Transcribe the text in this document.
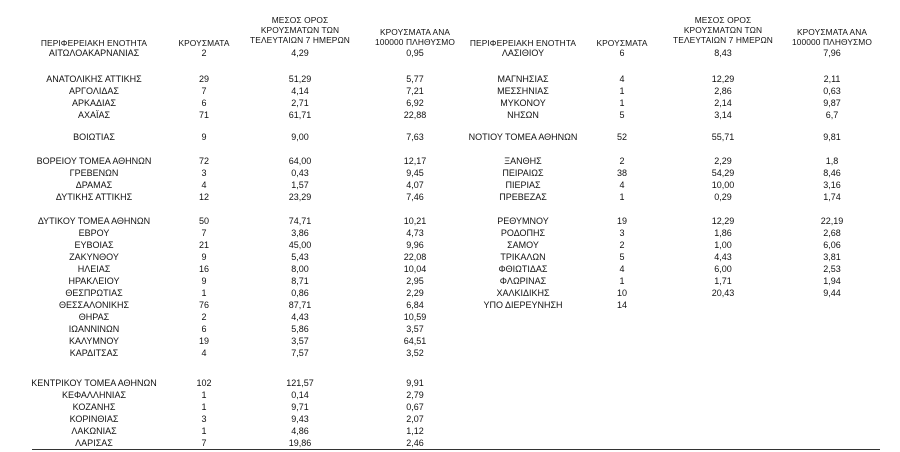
ΠΕΡΙΦΕΡΕΙΑΚΗ ΕΝΟΤΗΤΑ	ΚΡΟΥΣΜΑΤΑ
ΜΕΣΟΣ ΟΡΟΣ
ΚΡΟΥΣΜΑΤΩΝ ΤΩΝ
ΤΕΛΕΥΤΑΙΩΝ 7 ΗΜΕΡΩΝ
ΚΡΟΥΣΜΑΤΑ ΑΝΑ
100000 ΠΛΗΘΥΣΜΟ	ΠΕΡΙΦΕΡΕΙΑΚΗ ΕΝΟΤΗΤΑ	ΚΡΟΥΣΜΑΤΑ
ΜΕΣΟΣ ΟΡΟΣ
ΚΡΟΥΣΜΑΤΩΝ ΤΩΝ
ΤΕΛΕΥΤΑΙΩΝ 7 ΗΜΕΡΩΝ
ΚΡΟΥΣΜΑΤΑ ΑΝΑ
100000 ΠΛΗΘΥΣΜΟ
ΑΙΤΩΛΟΑΚΑΡΝΑΝΙΑΣ	2	4,29	0,95
ΑΝΑΤΟΛΙΚΗΣ ΑΤΤΙΚΗΣ	29	51,29	5,77
ΑΡΓΟΛΙΔΑΣ	7	4,14	7,21
ΑΡΚΑΔΙΑΣ	6	2,71	6,92
ΑΧΑΪΑΣ	71	61,71	22,88
ΒΟΙΩΤΙΑΣ	9	9,00	7,63
ΒΟΡΕΙΟΥ ΤΟΜΕΑ ΑΘΗΝΩΝ	72	64,00	12,17
ΓΡΕΒΕΝΩΝ	3	0,43	9,45
ΔΡΑΜΑΣ	4	1,57	4,07
ΔΥΤΙΚΗΣ ΑΤΤΙΚΗΣ	12	23,29	7,46
ΔΥΤΙΚΟΥ ΤΟΜΕΑ ΑΘΗΝΩΝ	50	74,71	10,21
ΕΒΡΟΥ	7	3,86	4,73
ΕΥΒΟΙΑΣ	21	45,00	9,96
ΖΑΚΥΝΘΟΥ	9	5,43	22,08
ΗΛΕΙΑΣ	16	8,00	10,04
ΗΡΑΚΛΕΙΟΥ	9	8,71	2,95
ΘΕΣΠΡΩΤΙΑΣ	1	0,86	2,29
ΘΕΣΣΑΛΟΝΙΚΗΣ	76	87,71	6,84
ΘΗΡΑΣ	2	4,43	10,59
ΙΩΑΝΝΙΝΩΝ	6	5,86	3,57
ΚΑΛΥΜΝΟΥ	19	3,57	64,51
ΚΑΡΔΙΤΣΑΣ	4	7,57	3,52
ΚΕΝΤΡΙΚΟΥ ΤΟΜΕΑ ΑΘΗΝΩΝ	102	121,57	9,91
ΚΕΦΑΛΛΗΝΙΑΣ	1	0,14	2,79
ΚΟΖΑΝΗΣ	1	9,71	0,67
ΚΟΡΙΝΘΙΑΣ	3	9,43	2,07
ΛΑΚΩΝΙΑΣ	1	4,86	1,12
ΛΑΡΙΣΑΣ	7	19,86	2,46
ΛΑΣΙΘΙΟΥ	6	8,43	7,96
ΜΑΓΝΗΣΙΑΣ	4	12,29	2,11
ΜΕΣΣΗΝΙΑΣ	1	2,86	0,63
ΜΥΚΟΝΟΥ	1	2,14	9,87
ΝΗΣΩΝ	5	3,14	6,7
ΝΟΤΙΟΥ ΤΟΜΕΑ ΑΘΗΝΩΝ	52	55,71	9,81
ΞΑΝΘΗΣ	2	2,29	1,8
ΠΕΙΡΑΙΩΣ	38	54,29	8,46
ΠΙΕΡΙΑΣ	4	10,00	3,16
ΠΡΕΒΕΖΑΣ	1	0,29	1,74
ΡΕΘΥΜΝΟΥ	19	12,29	22,19
ΡΟΔΟΠΗΣ	3	1,86	2,68
ΣΑΜΟΥ	2	1,00	6,06
ΤΡΙΚΑΛΩΝ	5	4,43	3,81
ΦΘΙΩΤΙΔΑΣ	4	6,00	2,53
ΦΛΩΡΙΝΑΣ	1	1,71	1,94
ΧΑΛΚΙΔΙΚΗΣ	10	20,43	9,44
ΥΠΟ ΔΙΕΡΕΥΝΗΣΗ	14
